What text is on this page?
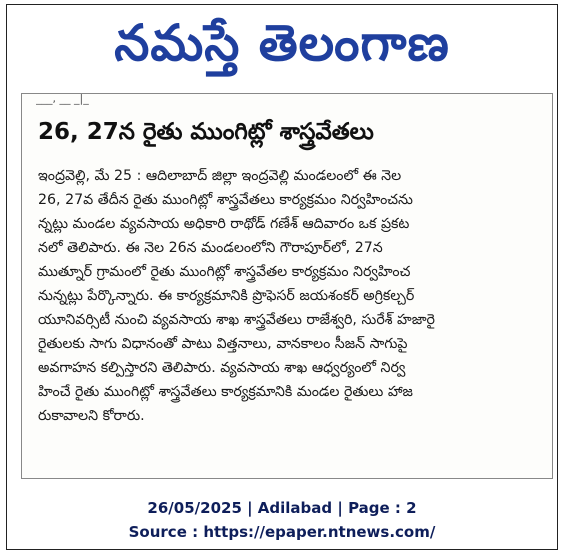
నమస్తే తెలంగాణ
___, __ _|_
26, 27న రైతు ముంగిట్లో శాస్త్రవేతలు
ఇంద్రవెల్లి, మే 25 : ఆదిలాబాద్ జిల్లా ఇంద్రవెల్లి మండలంలో ఈ నెల
26, 27వ తేదీన రైతు ముంగిట్లో శాస్త్రవేతలు కార్యక్రమం నిర్వహించను
న్నట్లు మండల వ్యవసాయ అధికారి రాథోడ్ గణేశ్ ఆదివారం ఒక ప్రకట
నలో తెలిపారు. ఈ నెల 26న మండలంలోని గౌరాపూర్‌లో, 27న
ముత్నూర్ గ్రామంలో రైతు ముంగిట్లో శాస్త్రవేతల కార్యక్రమం నిర్వహించ
నున్నట్లు పేర్కొన్నారు. ఈ కార్యక్రమానికి ప్రొఫెసర్ జయశంకర్ అగ్రికల్చర్
యూనివర్సిటీ నుంచి వ్యవసాయ శాఖ శాస్త్రవేతలు రాజేశ్వరి, సురేశ్ హజారై
రైతులకు సాగు విధానంతో పాటు విత్తనాలు, వానకాలం సీజన్ సాగుపై
అవగాహన కల్పిస్తారని తెలిపారు. వ్యవసాయ శాఖ ఆధ్వర్యంలో నిర్వ
హించే రైతు ముంగిట్లో శాస్త్రవేతలు కార్యక్రమానికి మండల రైతులు హాజ
రుకావాలని కోరారు.
26/05/2025 | Adilabad | Page : 2
Source : https://epaper.ntnews.com/
